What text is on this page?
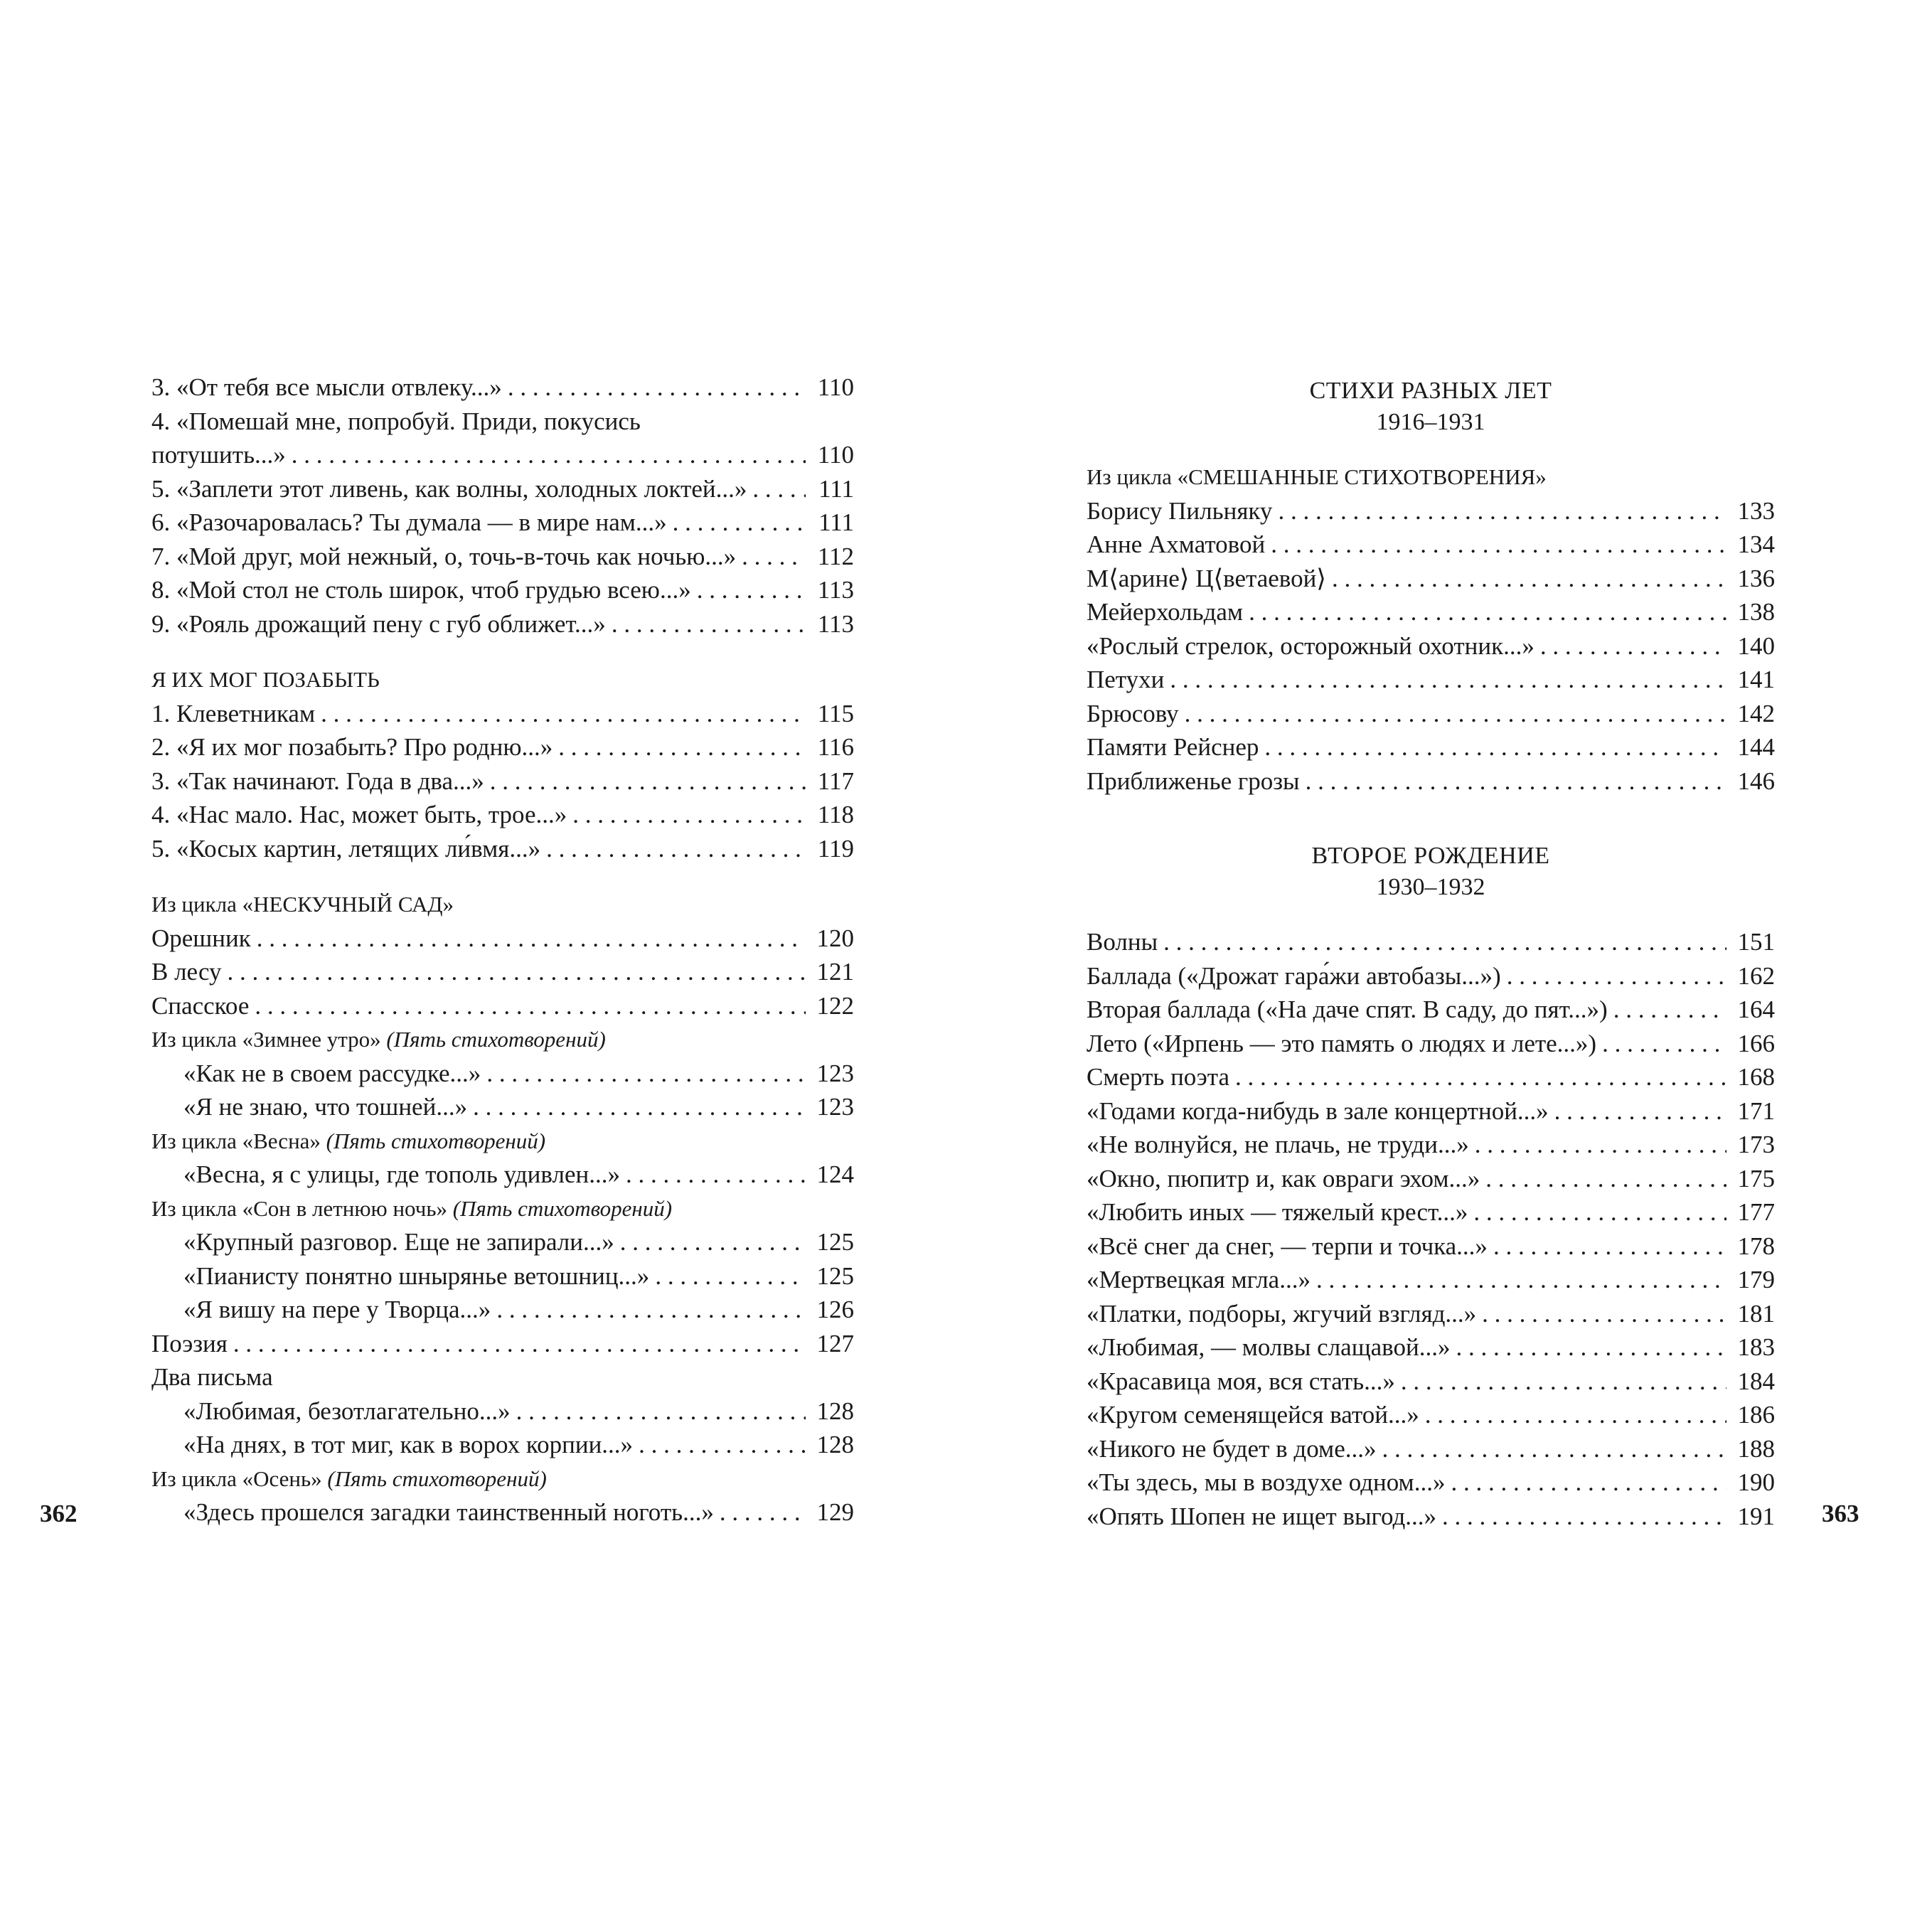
3. «От тебя все мысли отвлеку...» . . .	110
4. «Помешай мне, попробуй. Приди, покусись
потушить...» . . .	110
5. «Заплети этот ливень, как волны, холодных локтей...» . . .	111
6. «Разочаровалась? Ты думала — в мире нам...» . . .	111
7. «Мой друг, мой нежный, о, точь-в-точь как ночью...» . . .	112
8. «Мой стол не столь широк, чтоб грудью всею...» . . .	113
9. «Рояль дрожащий пену с губ оближет...» . . .	113
Я ИХ МОГ ПОЗАБЫТЬ
1. Клеветникам . . .	115
2. «Я их мог позабыть? Про родню...» . . .	116
3. «Так начинают. Года в два...» . . .	117
4. «Нас мало. Нас, может быть, трое...» . . .	118
5. «Косых картин, летящих ли́вмя...» . . .	119
Из цикла «НЕСКУЧНЫЙ САД»
Орешник . . .	120
В лесу . . .	121
Спасское . . .	122
Из цикла «Зимнее утро» (Пять стихотворений)
«Как не в своем рассудке...» . . .	123
«Я не знаю, что тошней...» . . .	123
Из цикла «Весна» (Пять стихотворений)
«Весна, я с улицы, где тополь удивлен...» . . .	124
Из цикла «Сон в летнюю ночь» (Пять стихотворений)
«Крупный разговор. Еще не запирали...» . . .	125
«Пианисту понятно шнырянье ветошниц...» . . .	125
«Я вишу на пере у Творца...» . . .	126
Поэзия . . .	127
Два письма
«Любимая, безотлагательно...» . . .	128
«На днях, в тот миг, как в ворох корпии...» . . .	128
Из цикла «Осень» (Пять стихотворений)
«Здесь прошелся загадки таинственный ноготь...» . . .	129
362
СТИХИ РАЗНЫХ ЛЕТ
1916–1931
Из цикла «СМЕШАННЫЕ СТИХОТВОРЕНИЯ»
Борису Пильняку . . .	133
Анне Ахматовой . . .	134
М⟨арине⟩ Ц⟨ветаевой⟩ . . .	136
Мейерхольдам . . .	138
«Рослый стрелок, осторожный охотник...» . . .	140
Петухи . . .	141
Брюсову . . .	142
Памяти Рейснер . . .	144
Приближенье грозы . . .	146
ВТОРОЕ РОЖДЕНИЕ
1930–1932
Волны . . .	151
Баллада («Дрожат гара́жи автобазы...») . . .	162
Вторая баллада («На даче спят. В саду, до пят...») . . .	164
Лето («Ирпень — это память о людях и лете...») . . .	166
Смерть поэта . . .	168
«Годами когда-нибудь в зале концертной...» . . .	171
«Не волнуйся, не плачь, не труди...» . . .	173
«Окно, пюпитр и, как овраги эхом...» . . .	175
«Любить иных — тяжелый крест...» . . .	177
«Всё снег да снег, — терпи и точка...» . . .	178
«Мертвецкая мгла...» . . .	179
«Платки, подборы, жгучий взгляд...» . . .	181
«Любимая, — молвы слащавой...» . . .	183
«Красавица моя, вся стать...» . . .	184
«Кругом семенящейся ватой...» . . .	186
«Никого не будет в доме...» . . .	188
«Ты здесь, мы в воздухе одном...» . . .	190
«Опять Шопен не ищет выгод...» . . .	191 363
